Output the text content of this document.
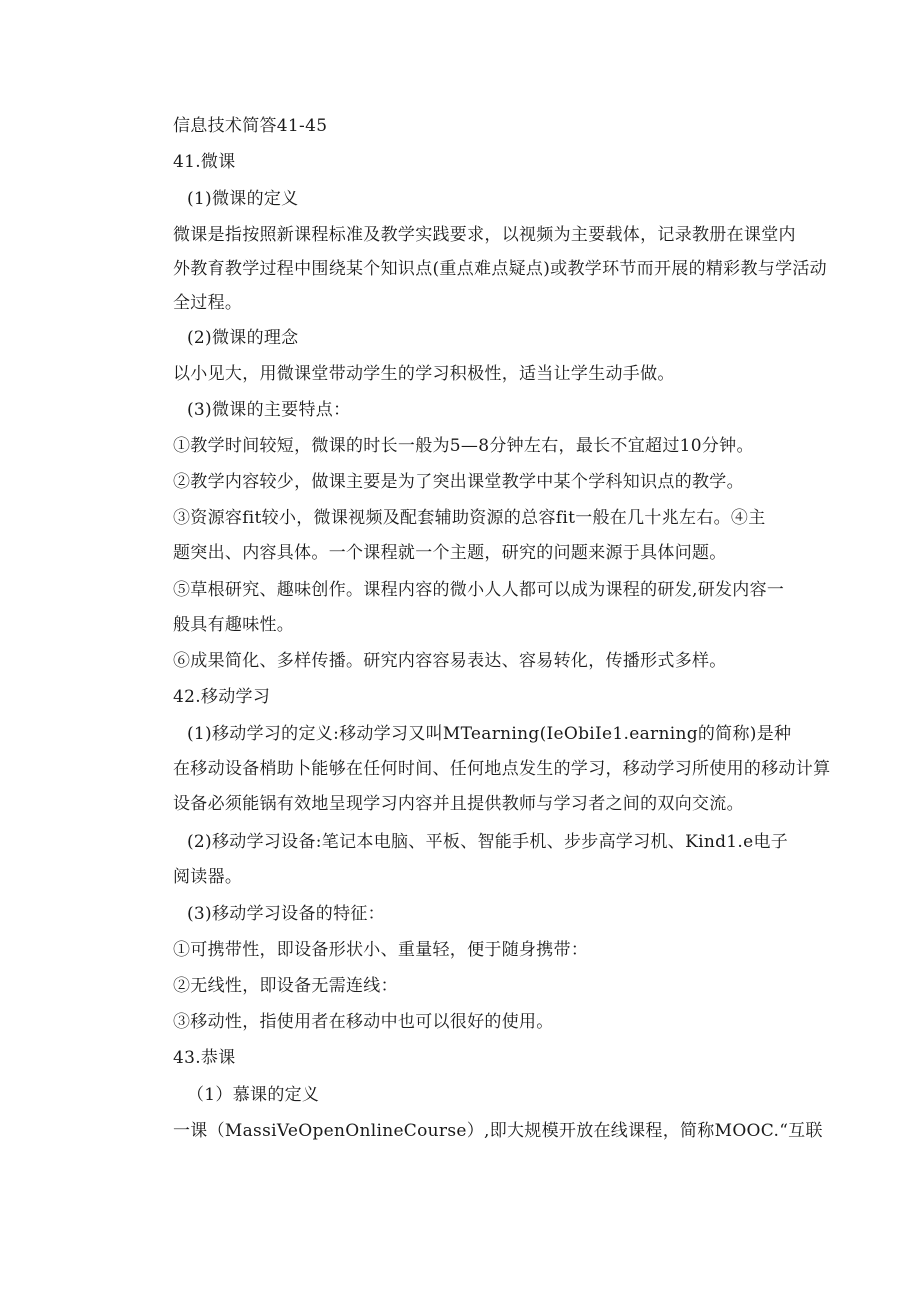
信息技术简答41-45
41.微课
(1)微课的定义
微课是指按照新课程标准及教学实践要求，以视频为主要载体，记录教册在课堂内
外教育教学过程中围绕某个知识点(重点难点疑点)或教学环节而开展的精彩教与学活动
全过程。
(2)微课的理念
以小见大，用微课堂带动学生的学习积极性，适当让学生动手做。
(3)微课的主要特点：
①教学时间较短，微课的时长一般为5—8分钟左右，最长不宜超过10分钟。
②教学内容较少，做课主要是为了突出课堂教学中某个学科知识点的教学。
③资源容fit较小，微课视频及配套辅助资源的总容fit一般在几十兆左右。④主
题突出、内容具体。一个课程就一个主题，研究的问题来源于具体问题。
⑤草根研究、趣味创作。课程内容的微小人人都可以成为课程的研发,研发内容一
般具有趣味性。
⑥成果简化、多样传播。研究内容容易表达、容易转化，传播形式多样。
42.移动学习
(1)移动学习的定义:移动学习又叫MTearning(IeObiIe1.earning的简称)是种
在移动设备梢助卜能够在任何时间、任何地点发生的学习，移动学习所使用的移动计算
设备必须能锅有效地呈现学习内容并且提供教师与学习者之间的双向交流。
(2)移动学习设备:笔记本电脑、平板、智能手机、步步高学习机、Kind1.e电子
阅读器。
(3)移动学习设备的特征：
①可携带性，即设备形状小、重量轻，便于随身携带：
②无线性，即设备无需连线：
③移动性，指使用者在移动中也可以很好的使用。
43.恭课
（1）慕课的定义
一课（MassiVeOpenOnlineCourse）,即大规模开放在线课程，简称MOOC.“互联
